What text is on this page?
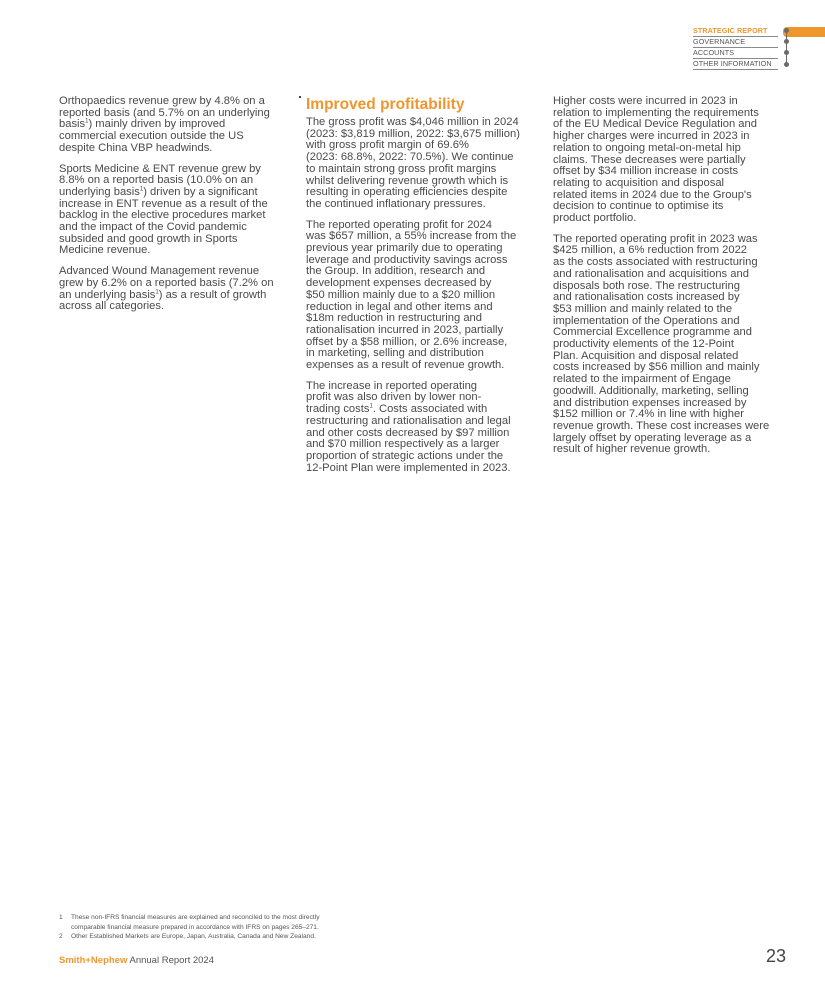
STRATEGIC REPORT
GOVERNANCE
ACCOUNTS
OTHER INFORMATION

Orthopaedics revenue grew by 4.8% on a
reported basis (and 5.7% on an underlying
basis$^1$) mainly driven by improved
commercial execution outside the US
despite China VBP headwinds.

Sports Medicine & ENT revenue grew by
8.8% on a reported basis (10.0% on an
underlying basis$^1$) driven by a significant
increase in ENT revenue as a result of the
backlog in the elective procedures market
and the impact of the Covid pandemic
subsided and good growth in Sports
Medicine revenue.

Advanced Wound Management revenue
grew by 6.2% on a reported basis (7.2% on
an underlying basis$^1$) as a result of growth
across all categories.

Improved profitability

The gross profit was $4,046 million in 2024
(2023: $3,819 million, 2022: $3,675 million)
with gross profit margin of 69.6%
(2023: 68.8%, 2022: 70.5%). We continue
to maintain strong gross profit margins
whilst delivering revenue growth which is
resulting in operating efficiencies despite
the continued inflationary pressures.

The reported operating profit for 2024
was $657 million, a 55% increase from the
previous year primarily due to operating
leverage and productivity savings across
the Group. In addition, research and
development expenses decreased by
$50 million mainly due to a $20 million
reduction in legal and other items and
$18m reduction in restructuring and
rationalisation incurred in 2023, partially
offset by a $58 million, or 2.6% increase,
in marketing, selling and distribution
expenses as a result of revenue growth.

The increase in reported operating
profit was also driven by lower non-
trading costs$^1$. Costs associated with
restructuring and rationalisation and legal
and other costs decreased by $97 million
and $70 million respectively as a larger
proportion of strategic actions under the
12-Point Plan were implemented in 2023.

Higher costs were incurred in 2023 in
relation to implementing the requirements
of the EU Medical Device Regulation and
higher charges were incurred in 2023 in
relation to ongoing metal-on-metal hip
claims. These decreases were partially
offset by $34 million increase in costs
relating to acquisition and disposal
related items in 2024 due to the Group's
decision to continue to optimise its
product portfolio.

The reported operating profit in 2023 was
$425 million, a 6% reduction from 2022
as the costs associated with restructuring
and rationalisation and acquisitions and
disposals both rose. The restructuring
and rationalisation costs increased by
$53 million and mainly related to the
implementation of the Operations and
Commercial Excellence programme and
productivity elements of the 12-Point
Plan. Acquisition and disposal related
costs increased by $56 million and mainly
related to the impairment of Engage
goodwill. Additionally, marketing, selling
and distribution expenses increased by
$152 million or 7.4% in line with higher
revenue growth. These cost increases were
largely offset by operating leverage as a
result of higher revenue growth.

1 These non-IFRS financial measures are explained and reconciled to the most directly
comparable financial measure prepared in accordance with IFRS on pages 265–271.
2 Other Established Markets are Europe, Japan, Australia, Canada and New Zealand.
Smith+Nephew Annual Report 2024	23
